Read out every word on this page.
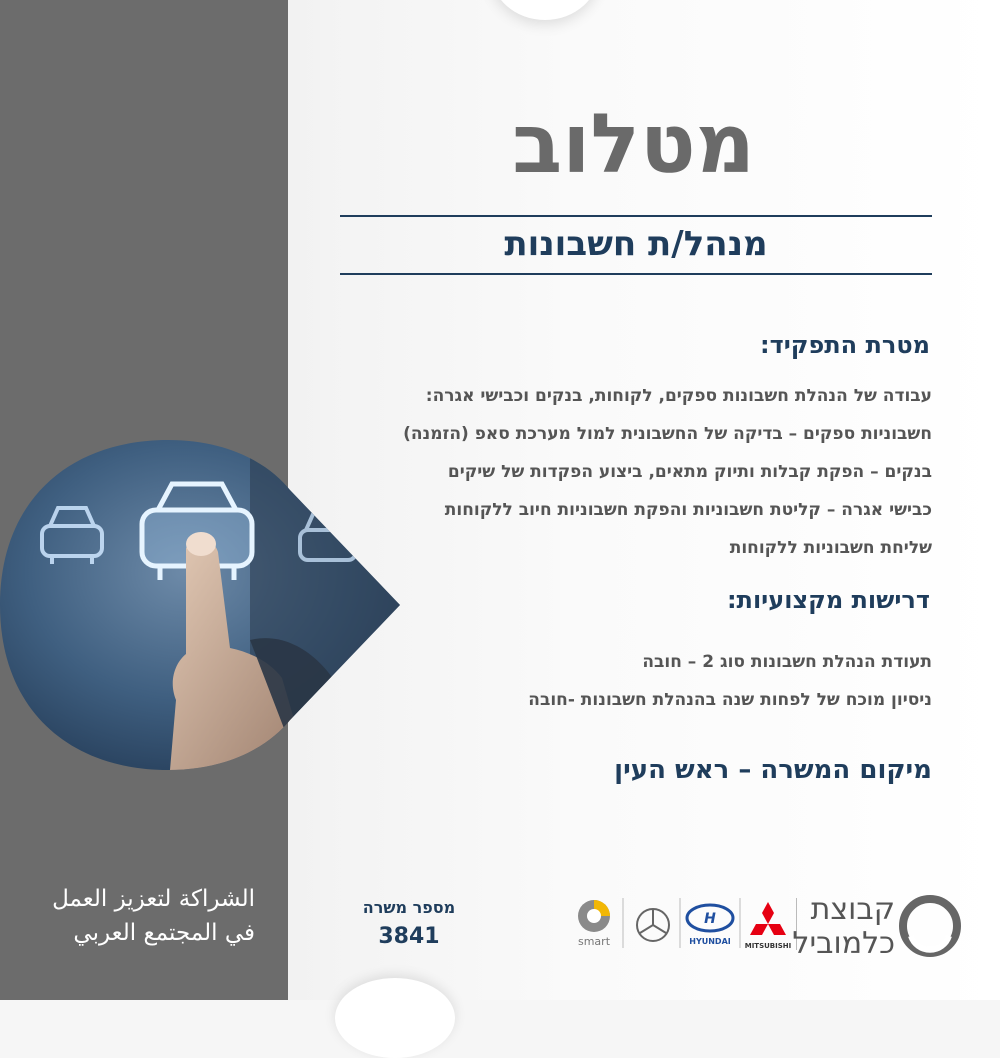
מטלוב
מנהל/ת חשבונות
מטרת התפקיד:
עבודה של הנהלת חשבונות ספקים, לקוחות, בנקים וכבישי אגרה:
חשבוניות ספקים – בדיקה של החשבונית למול מערכת סאפ (הזמנה)
בנקים – הפקת קבלות ותיוק מתאים, ביצוע הפקדות של שיקים
כבישי אגרה – קליטת חשבוניות והפקת חשבוניות חיוב ללקוחות
שליחת חשבוניות ללקוחות
דרישות מקצועיות:
תעודת הנהלת חשבונות סוג 2 – חובה
ניסיון מוכח של לפחות שנה בהנהלת חשבונות -חובה
מיקום המשרה – ראש העין
الشراكة لتعزيز العمل
في المجتمع العربي
מספר משרה
3841	smart
H
HYUNDAI MITSUBISHI
קבוצת
כלמוביל
